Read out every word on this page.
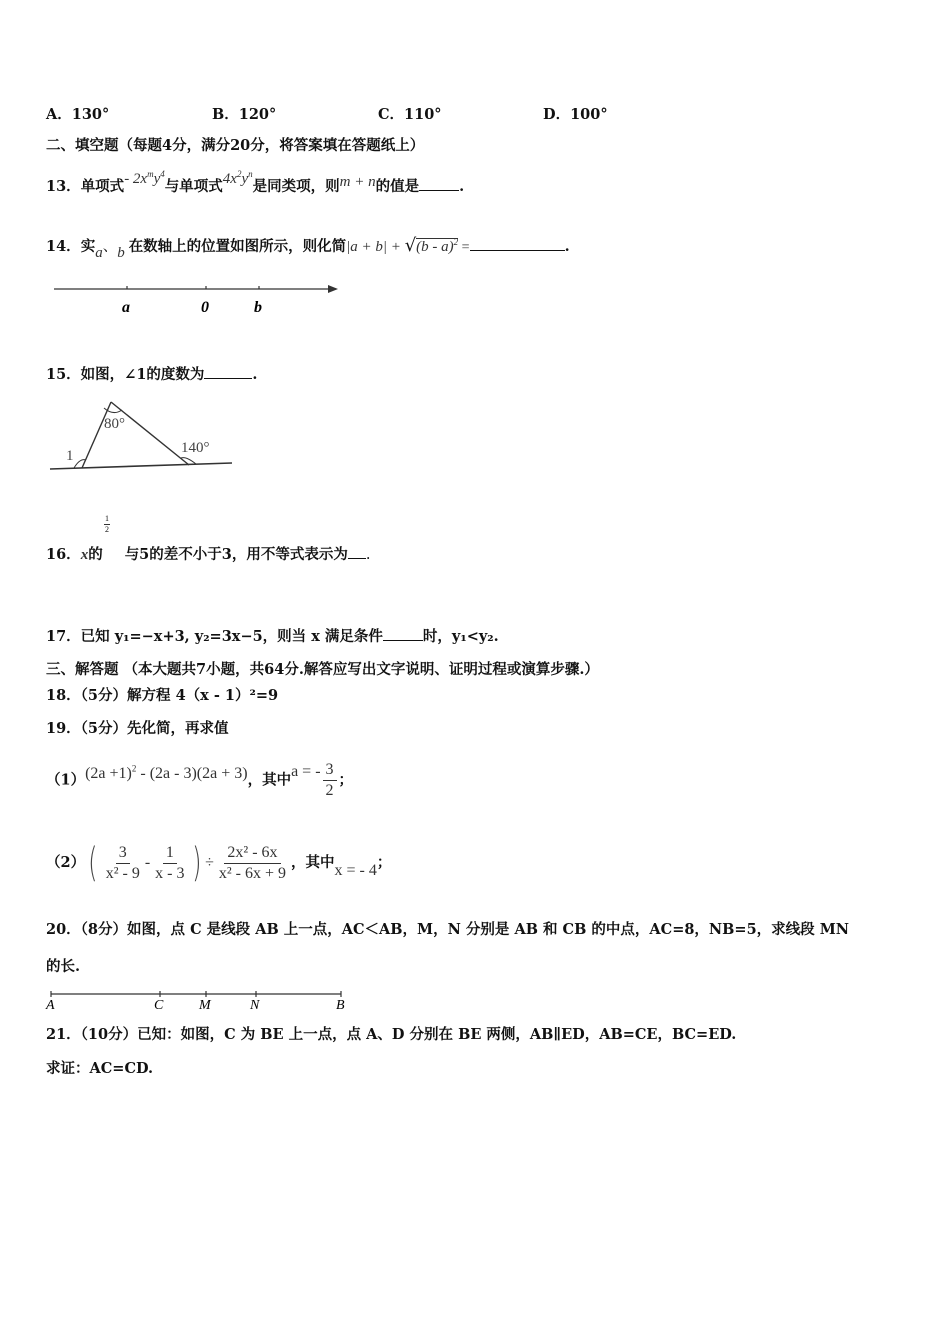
A．130°	B．120°	C．110°	D．100°
二、填空题（每题4分，满分20分，将答案填在答题纸上）
13．单项式- $2x^my^4$与单项式$4x^2y^n$是同类项，则m + n的值是	.
14．实a、b 在数轴上的位置如图所示，则化简|a + b| + √(b - a)$^2$ =	.
a	0	b
15．如图，∠1的度数为	.
80°
140°
1
16．x的 与5的差不小于3，用不等式表示为 .
$\frac{1}{2}$
17．已知 y₁=−x+3, y₂=3x−5，则当 x 满足条件	时，y₁<y₂.
三、解答题 （本大题共7小题，共64分.解答应写出文字说明、证明过程或演算步骤.）
18．（5分）解方程 4（x - 1）²=9
19．（5分）先化简，再求值
$(1)(2a +1)^2 - (2a - 3)(2a + 3)$，其中a = - $\frac{3}{2}$ ；
$(2)( \frac{3}{\text{x² - 9}} - \frac{1}{x - 3}$ ) ÷ $\frac{\text{2x² - 6x}}{\text{x² - 6x + 9}}$ ，其中x = - 4；
20．（8分）如图，点 C 是线段 AB 上一点，AC＜AB，M，N 分别是 AB 和 CB 的中点，AC=8，NB=5，求线段 MN
的长.
A	C	M	N	B
21．（10分）已知：如图，C 为 BE 上一点，点 A、D 分别在 BE 两侧，AB∥ED，AB=CE，BC=ED.
求证：AC=CD.
